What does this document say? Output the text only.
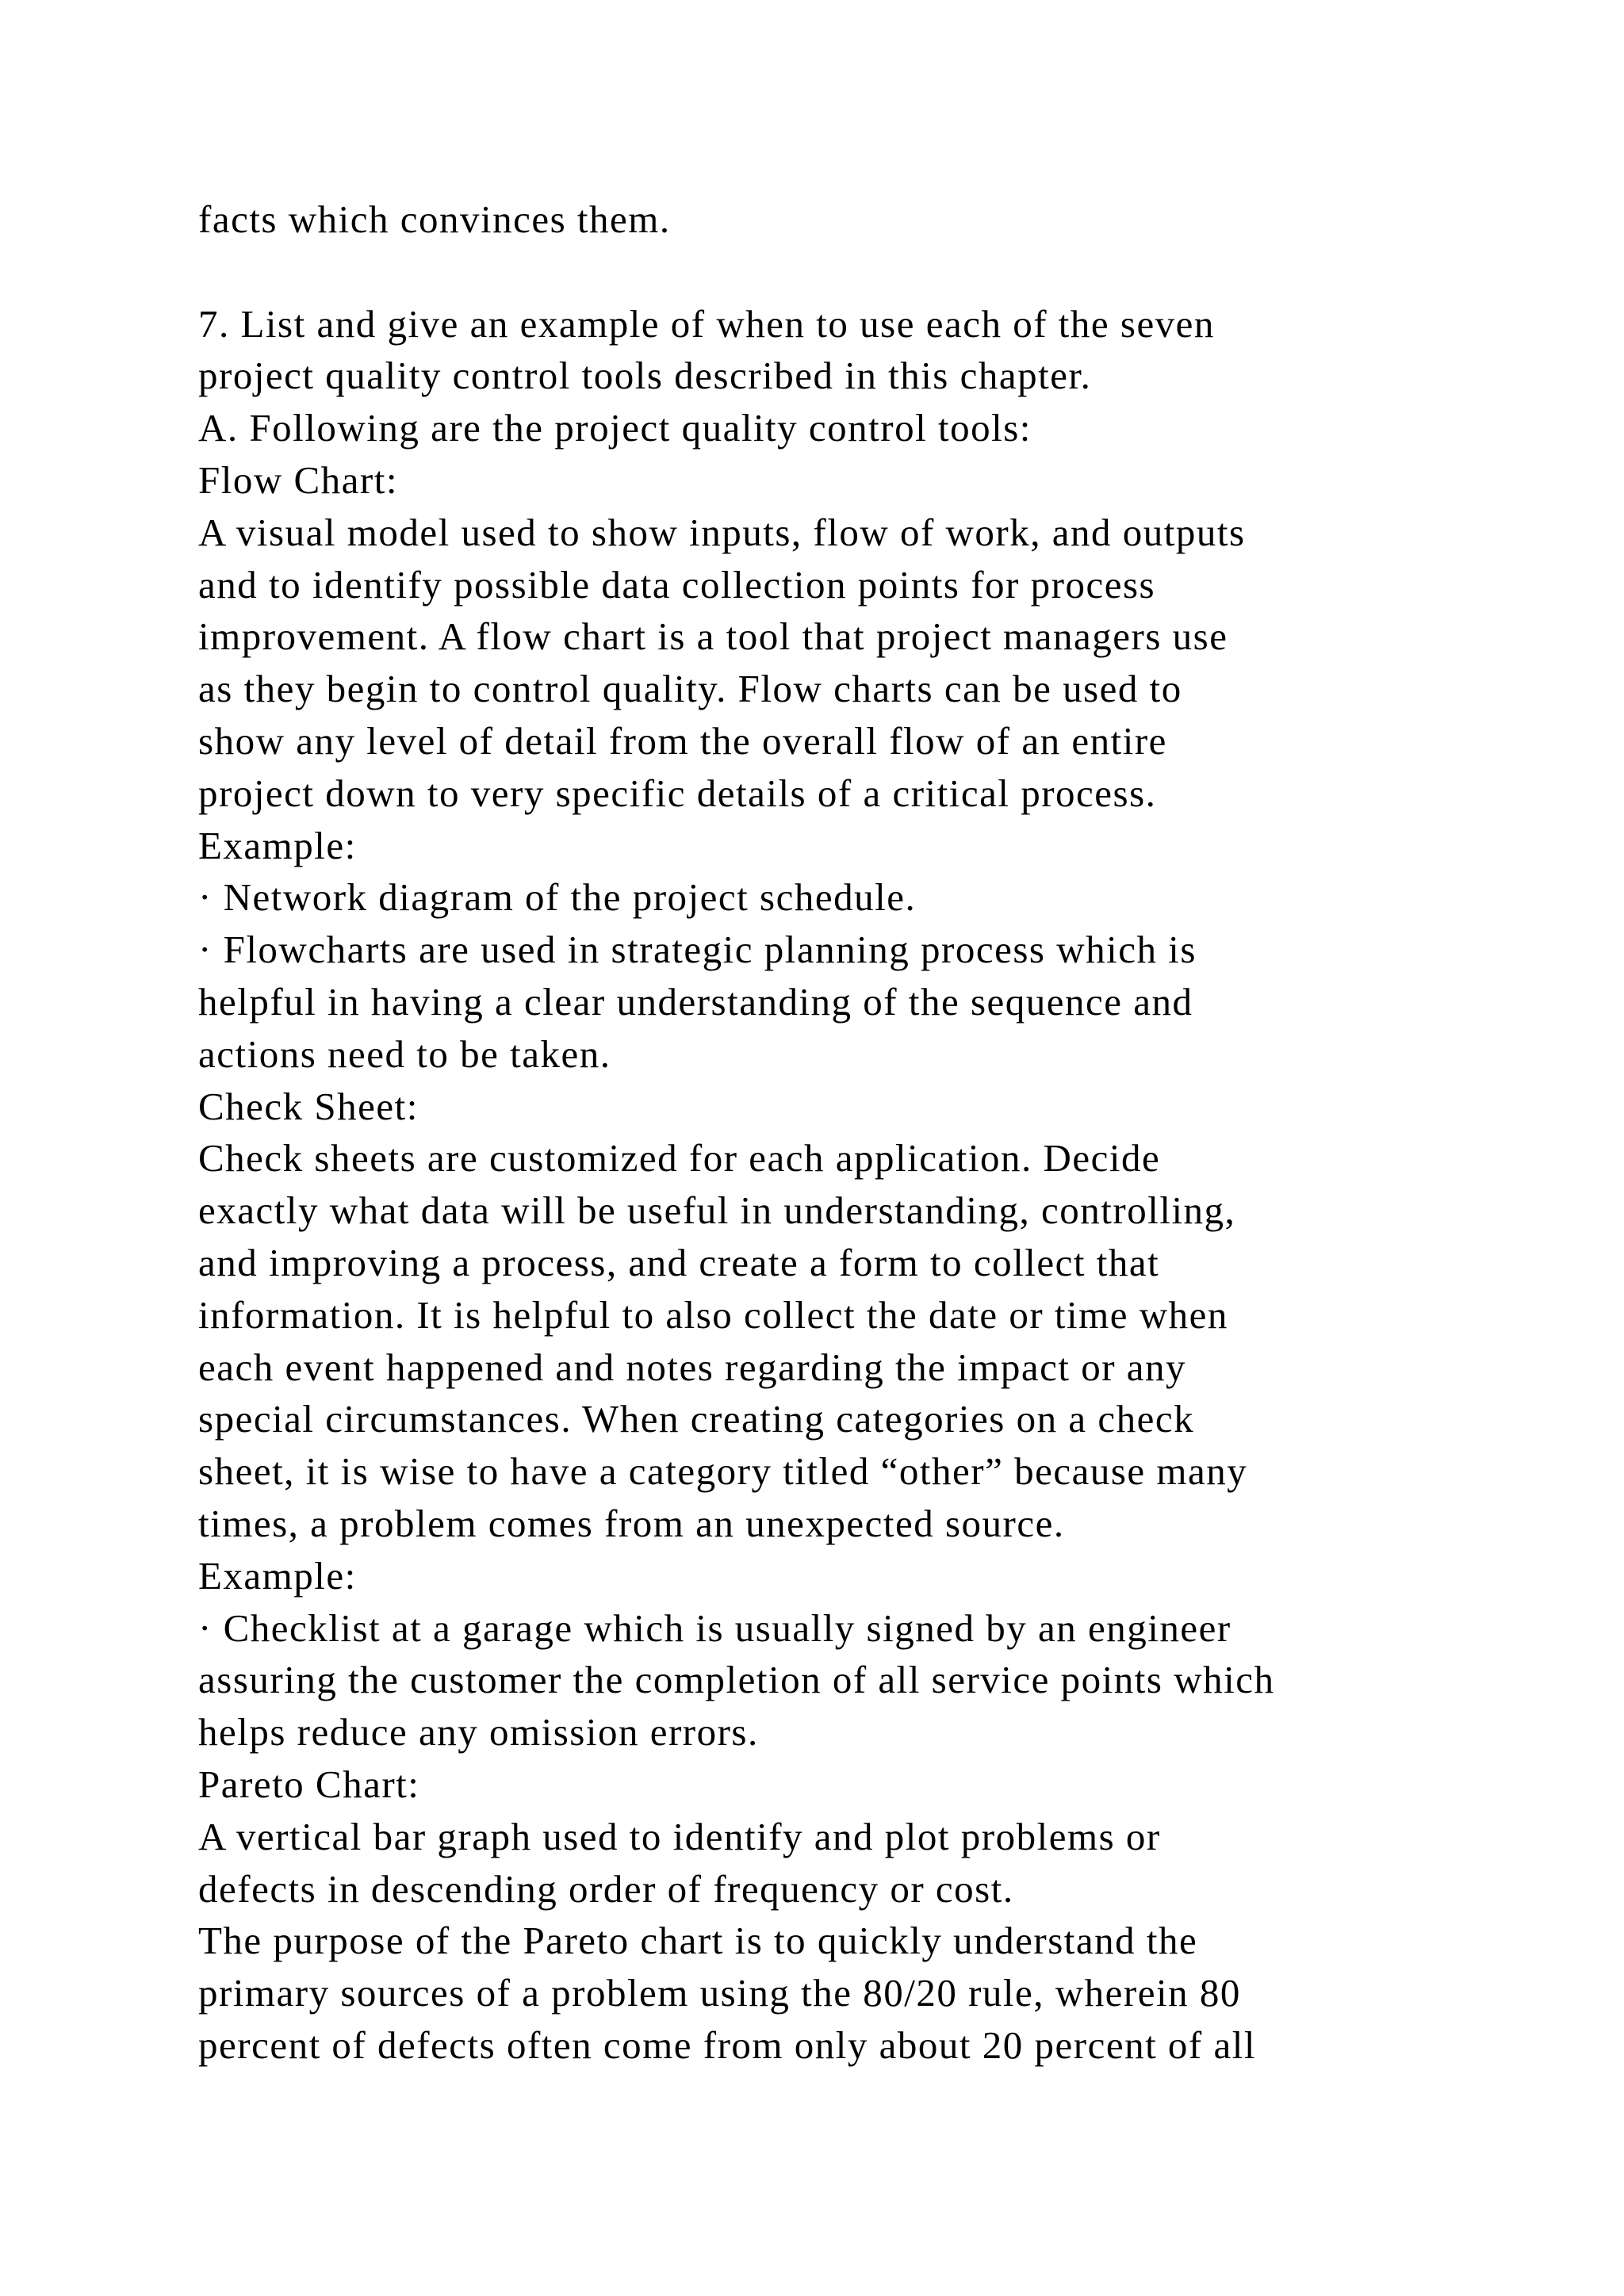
facts which convinces them.
7. List and give an example of when to use each of the seven
project quality control tools described in this chapter.
A. Following are the project quality control tools:
Flow Chart:
A visual model used to show inputs, flow of work, and outputs
and to identify possible data collection points for process
improvement. A flow chart is a tool that project managers use
as they begin to control quality. Flow charts can be used to
show any level of detail from the overall flow of an entire
project down to very specific details of a critical process.
Example:
· Network diagram of the project schedule.
· Flowcharts are used in strategic planning process which is
helpful in having a clear understanding of the sequence and
actions need to be taken.
Check Sheet:
Check sheets are customized for each application. Decide
exactly what data will be useful in understanding, controlling,
and improving a process, and create a form to collect that
information. It is helpful to also collect the date or time when
each event happened and notes regarding the impact or any
special circumstances. When creating categories on a check
sheet, it is wise to have a category titled “other” because many
times, a problem comes from an unexpected source.
Example:
· Checklist at a garage which is usually signed by an engineer
assuring the customer the completion of all service points which
helps reduce any omission errors.
Pareto Chart:
A vertical bar graph used to identify and plot problems or
defects in descending order of frequency or cost.
The purpose of the Pareto chart is to quickly understand the
primary sources of a problem using the 80/20 rule, wherein 80
percent of defects often come from only about 20 percent of all
